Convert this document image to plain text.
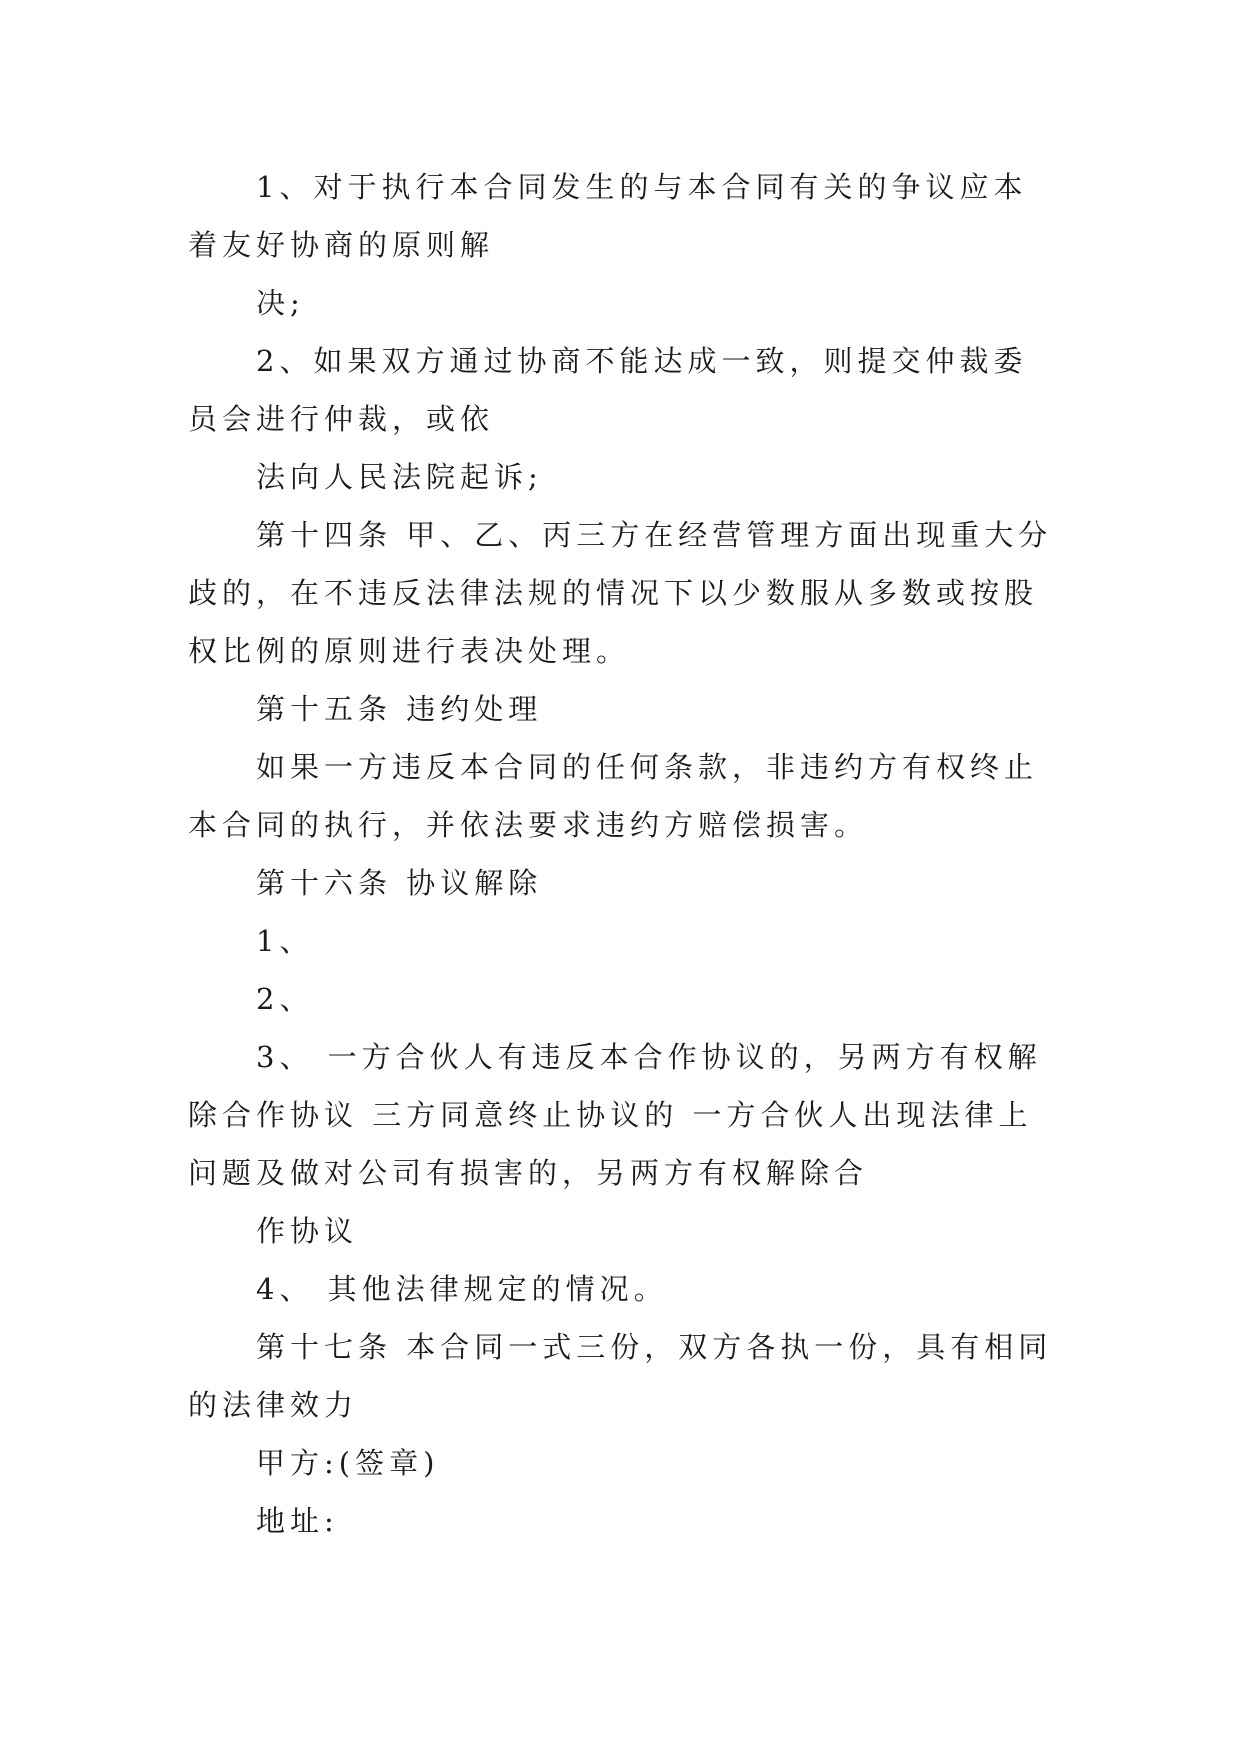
1、对于执行本合同发生的与本合同有关的争议应本着友好协商的原则解

决;

2、如果双方通过协商不能达成一致，则提交仲裁委员会进行仲裁，或依

法向人民法院起诉;

第十四条 甲、乙、丙三方在经营管理方面出现重大分歧的，在不违反法律法规的情况下以少数服从多数或按股权比例的原则进行表决处理。

第十五条 违约处理

如果一方违反本合同的任何条款，非违约方有权终止本合同的执行，并依法要求违约方赔偿损害。

第十六条 协议解除

1、

2、

3、 一方合伙人有违反本合作协议的，另两方有权解除合作协议 三方同意终止协议的 一方合伙人出现法律上问题及做对公司有损害的，另两方有权解除合

作协议

4、 其他法律规定的情况。

第十七条 本合同一式三份，双方各执一份，具有相同的法律效力

甲方:(签章)

地址:
